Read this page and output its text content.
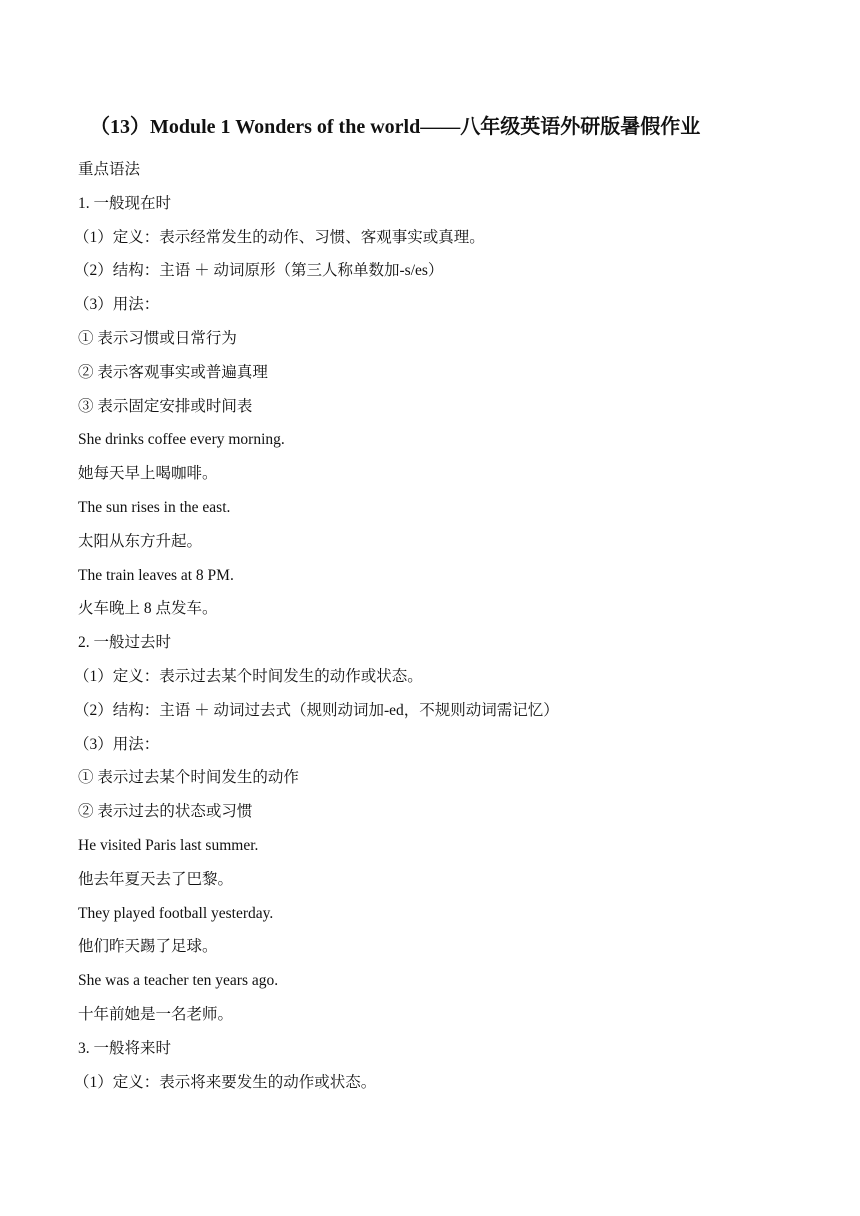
（13）Module 1 Wonders of the world——八年级英语外研版暑假作业
重点语法
1. 一般现在时
（1）定义：表示经常发生的动作、习惯、客观事实或真理。
（2）结构：主语 ＋ 动词原形（第三人称单数加-s/es）
（3）用法：
① 表示习惯或日常行为
② 表示客观事实或普遍真理
③ 表示固定安排或时间表
She drinks coffee every morning.
她每天早上喝咖啡。
The sun rises in the east.
太阳从东方升起。
The train leaves at 8 PM.
火车晚上 8 点发车。
2. 一般过去时
（1）定义：表示过去某个时间发生的动作或状态。
（2）结构：主语 ＋ 动词过去式（规则动词加-ed，不规则动词需记忆）
（3）用法：
① 表示过去某个时间发生的动作
② 表示过去的状态或习惯
He visited Paris last summer.
他去年夏天去了巴黎。
They played football yesterday.
他们昨天踢了足球。
She was a teacher ten years ago.
十年前她是一名老师。
3. 一般将来时
（1）定义：表示将来要发生的动作或状态。
